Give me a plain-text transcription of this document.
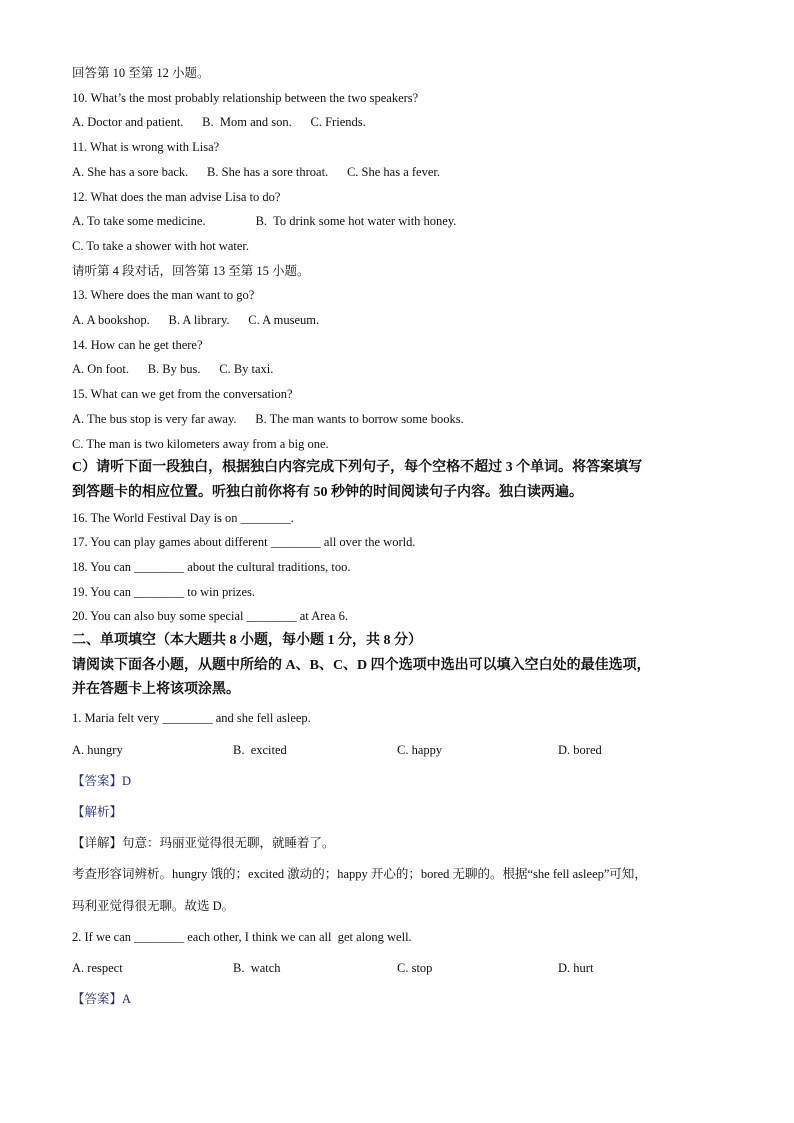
回答第 10 至第 12 小题。
10. What’s the most probably relationship between the two speakers?
A. Doctor and patient.      B.  Mom and son.      C. Friends.
11. What is wrong with Lisa?
A. She has a sore back.      B. She has a sore throat.      C. She has a fever.
12. What does the man advise Lisa to do?
A. To take some medicine.                B.  To drink some hot water with honey.
C. To take a shower with hot water.
请听第 4 段对话，回答第 13 至第 15 小题。
13. Where does the man want to go?
A. A bookshop.      B. A library.      C. A museum.
14. How can he get there?
A. On foot.      B. By bus.      C. By taxi.
15. What can we get from the conversation?
A. The bus stop is very far away.      B. The man wants to borrow some books.
C. The man is two kilometers away from a big one.
C）请听下面一段独白，根据独白内容完成下列句子，每个空格不超过 3 个单词。将答案填写
到答题卡的相应位置。听独白前你将有 50 秒钟的时间阅读句子内容。独白读两遍。
16. The World Festival Day is on ________.
17. You can play games about different ________ all over the world.
18. You can ________ about the cultural traditions, too.
19. You can ________ to win prizes.
20. You can also buy some special ________ at Area 6.
二、单项填空（本大题共 8 小题，每小题 1 分，共 8 分）
请阅读下面各小题，从题中所给的 A、B、C、D 四个选项中选出可以填入空白处的最佳选项，
并在答题卡上将该项涂黑。
1. Maria felt very ________ and she fell asleep.
A. hungry	B.  excited	C. happy	D. bored
【答案】D
【解析】
【详解】句意：玛丽亚觉得很无聊，就睡着了。
考查形容词辨析。hungry 饿的；excited 激动的；happy 开心的；bored 无聊的。根据“she fell asleep”可知，
玛利亚觉得很无聊。故选 D。
2. If we can ________ each other, I think we can all  get along well.
A. respect	B.  watch	C. stop	D. hurt
【答案】A
